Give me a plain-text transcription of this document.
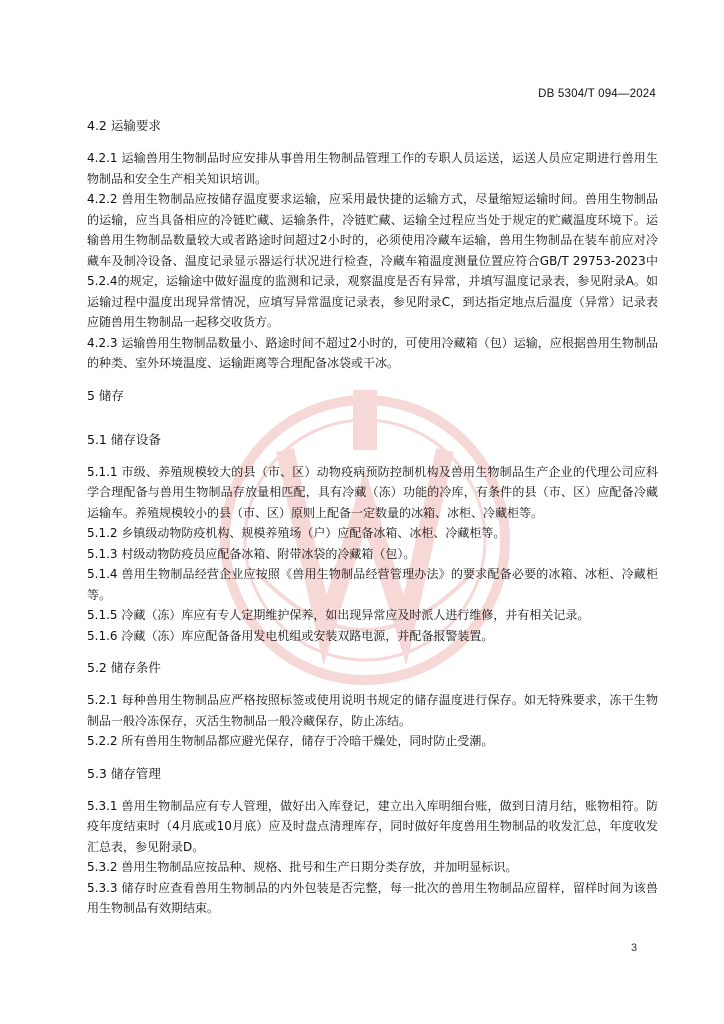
DB 5304/T 094—2024
4.2 运输要求

4.2.1 运输兽用生物制品时应安排从事兽用生物制品管理工作的专职人员运送，运送人员应定期进行兽用生物制品和安全生产相关知识培训。

4.2.2 兽用生物制品应按储存温度要求运输，应采用最快捷的运输方式，尽量缩短运输时间。兽用生物制品的运输，应当具备相应的冷链贮藏、运输条件，冷链贮藏、运输全过程应当处于规定的贮藏温度环境下。运输兽用生物制品数量较大或者路途时间超过2小时的，必须使用冷藏车运输，兽用生物制品在装车前应对冷藏车及制冷设备、温度记录显示器运行状况进行检查，冷藏车箱温度测量位置应符合GB/T 29753-2023中5.2.4的规定，运输途中做好温度的监测和记录，观察温度是否有异常，并填写温度记录表，参见附录A。如运输过程中温度出现异常情况，应填写异常温度记录表，参见附录C，到达指定地点后温度（异常）记录表应随兽用生物制品一起移交收货方。

4.2.3 运输兽用生物制品数量小、路途时间不超过2小时的，可使用冷藏箱（包）运输，应根据兽用生物制品的种类、室外环境温度、运输距离等合理配备冰袋或干冰。

5 储存
5.1 储存设备

5.1.1 市级、养殖规模较大的县（市、区）动物疫病预防控制机构及兽用生物制品生产企业的代理公司应科学合理配备与兽用生物制品存放量相匹配，具有冷藏（冻）功能的冷库，有条件的县（市、区）应配备冷藏运输车。养殖规模较小的县（市、区）原则上配备一定数量的冰箱、冰柜、冷藏柜等。

5.1.2 乡镇级动物防疫机构、规模养殖场（户）应配备冰箱、冰柜、冷藏柜等。

5.1.3 村级动物防疫员应配备冰箱、附带冰袋的冷藏箱（包）。

5.1.4 兽用生物制品经营企业应按照《兽用生物制品经营管理办法》的要求配备必要的冰箱、冰柜、冷藏柜等。

5.1.5 冷藏（冻）库应有专人定期维护保养，如出现异常应及时派人进行维修，并有相关记录。

5.1.6 冷藏（冻）库应配备备用发电机组或安装双路电源，并配备报警装置。

5.2 储存条件

5.2.1 每种兽用生物制品应严格按照标签或使用说明书规定的储存温度进行保存。如无特殊要求，冻干生物制品一般冷冻保存，灭活生物制品一般冷藏保存，防止冻结。

5.2.2 所有兽用生物制品都应避光保存，储存于冷暗干燥处，同时防止受潮。

5.3 储存管理

5.3.1 兽用生物制品应有专人管理，做好出入库登记，建立出入库明细台账，做到日清月结，账物相符。防疫年度结束时（4月底或10月底）应及时盘点清理库存，同时做好年度兽用生物制品的收发汇总，年度收发汇总表，参见附录D。

5.3.2 兽用生物制品应按品种、规格、批号和生产日期分类存放，并加明显标识。

5.3.3 储存时应查看兽用生物制品的内外包装是否完整，每一批次的兽用生物制品应留样，留样时间为该兽用生物制品有效期结束。

3
